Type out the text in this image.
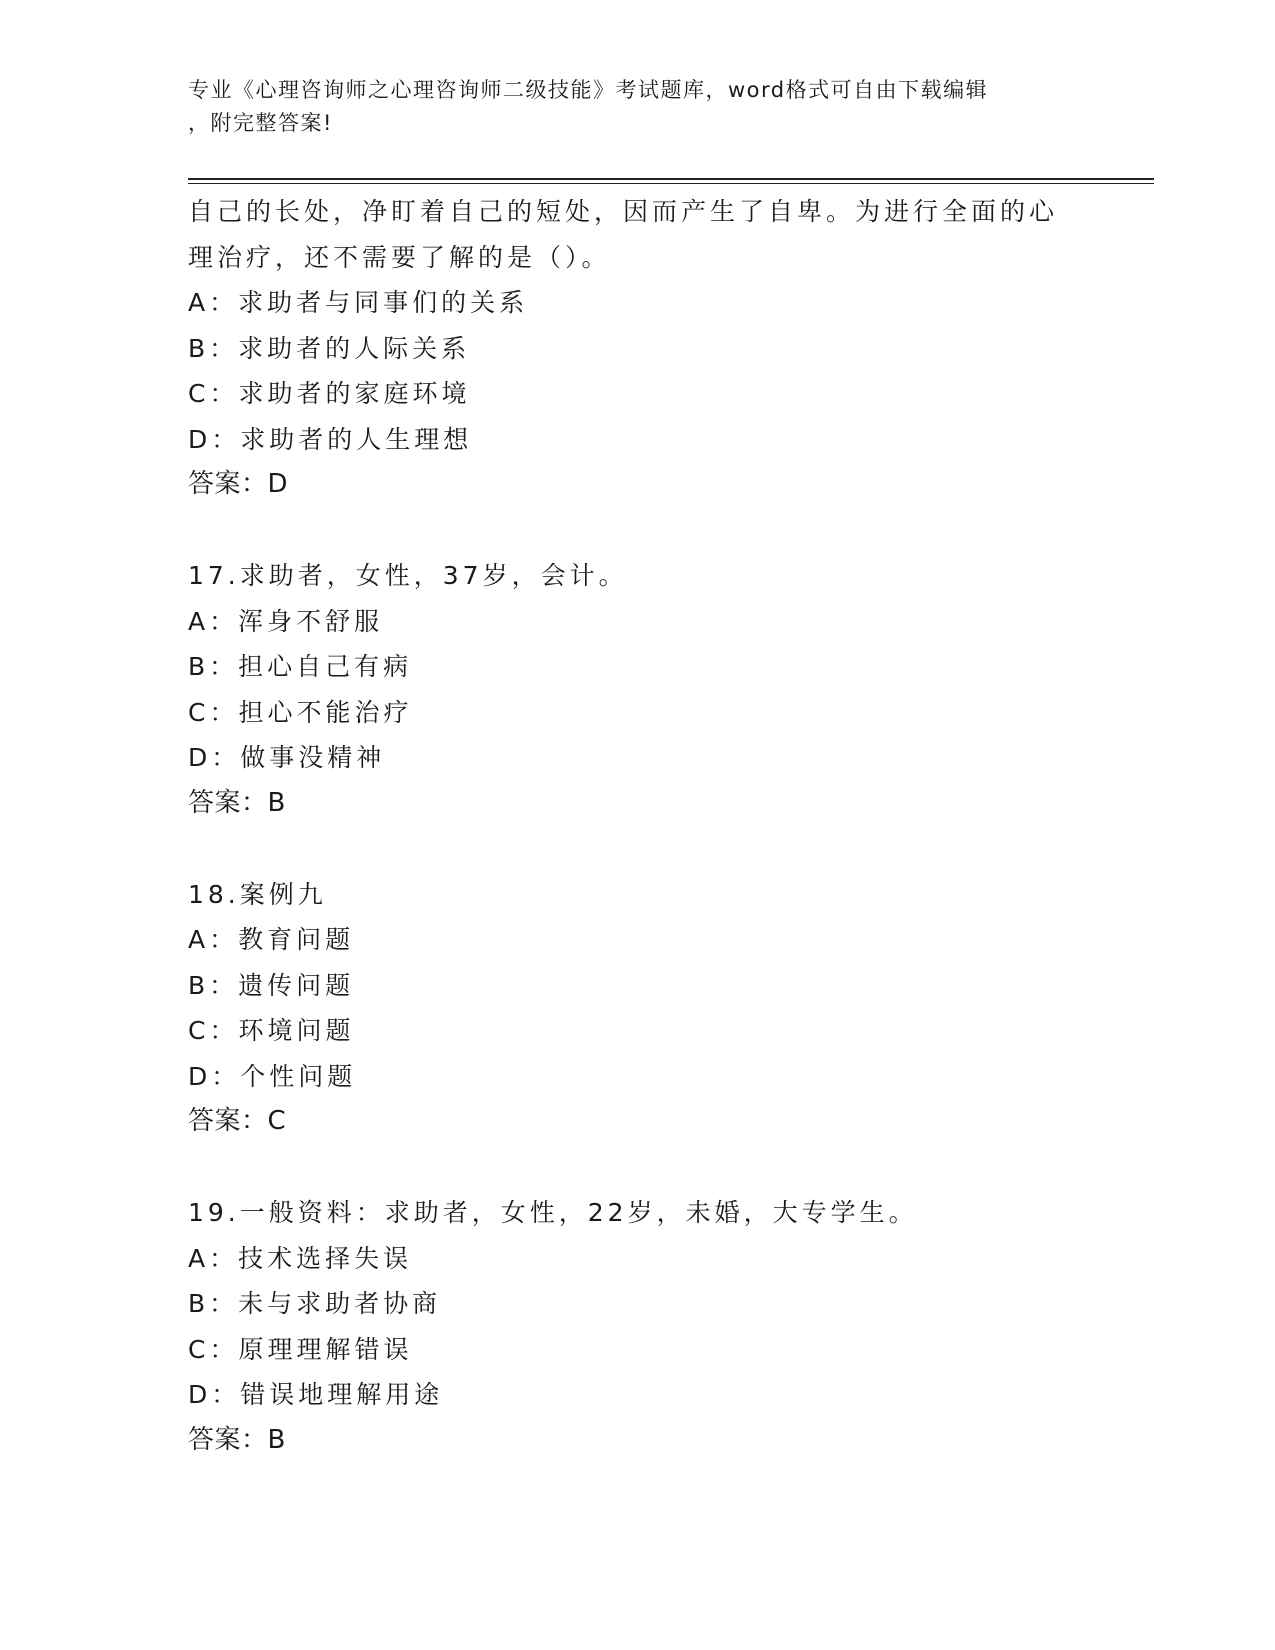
专业《心理咨询师之心理咨询师二级技能》考试题库，word格式可自由下载编辑
，附完整答案!
自己的长处，净盯着自己的短处，因而产生了自卑。为进行全面的心
理治疗，还不需要了解的是（）。
A：求助者与同事们的关系
B：求助者的人际关系
C：求助者的家庭环境
D：求助者的人生理想
答案：D
17.求助者，女性，37岁，会计。
A：浑身不舒服
B：担心自己有病
C：担心不能治疗
D：做事没精神
答案：B
18.案例九
A：教育问题
B：遗传问题
C：环境问题
D：个性问题
答案：C
19.一般资料：求助者，女性，22岁，未婚，大专学生。
A：技术选择失误
B：未与求助者协商
C：原理理解错误
D：错误地理解用途
答案：B
